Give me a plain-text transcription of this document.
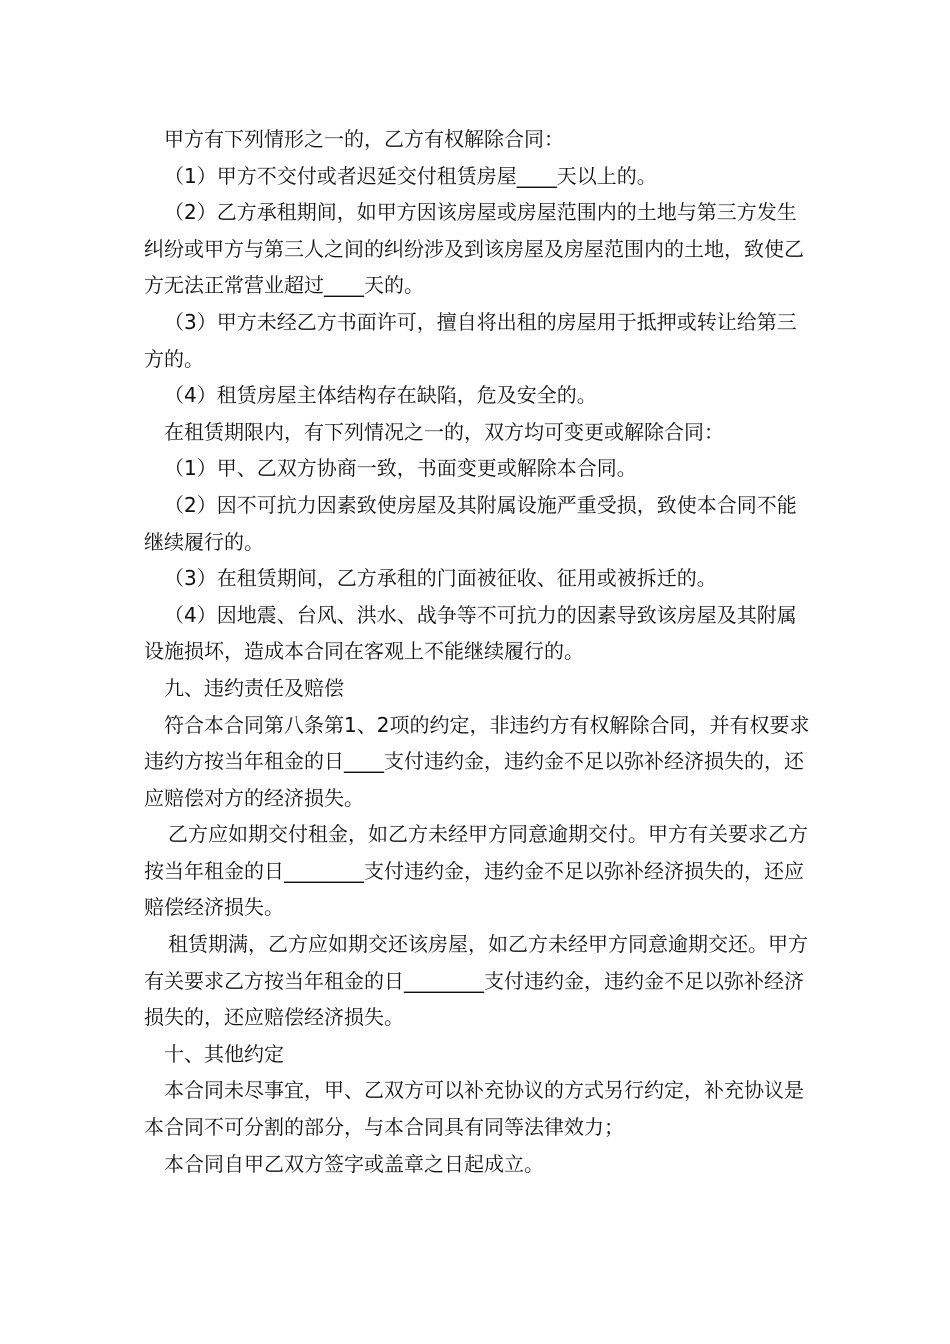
甲方有下列情形之一的，乙方有权解除合同：

（1）甲方不交付或者迟延交付租赁房屋____天以上的。

（2）乙方承租期间，如甲方因该房屋或房屋范围内的土地与第三方发生纠纷或甲方与第三人之间的纠纷涉及到该房屋及房屋范围内的土地，致使乙方无法正常营业超过____天的。

（3）甲方未经乙方书面许可，擅自将出租的房屋用于抵押或转让给第三方的。

（4）租赁房屋主体结构存在缺陷，危及安全的。

在租赁期限内，有下列情况之一的，双方均可变更或解除合同：

（1）甲、乙双方协商一致，书面变更或解除本合同。

（2）因不可抗力因素致使房屋及其附属设施严重受损，致使本合同不能继续履行的。

（3）在租赁期间，乙方承租的门面被征收、征用或被拆迁的。

（4）因地震、台风、洪水、战争等不可抗力的因素导致该房屋及其附属设施损坏，造成本合同在客观上不能继续履行的。

九、违约责任及赔偿

符合本合同第八条第1、2项的约定，非违约方有权解除合同，并有权要求违约方按当年租金的日____支付违约金，违约金不足以弥补经济损失的，还应赔偿对方的经济损失。

乙方应如期交付租金，如乙方未经甲方同意逾期交付。甲方有关要求乙方按当年租金的日________支付违约金，违约金不足以弥补经济损失的，还应赔偿经济损失。

租赁期满，乙方应如期交还该房屋，如乙方未经甲方同意逾期交还。甲方有关要求乙方按当年租金的日________支付违约金，违约金不足以弥补经济损失的，还应赔偿经济损失。

十、其他约定

本合同未尽事宜，甲、乙双方可以补充协议的方式另行约定，补充协议是本合同不可分割的部分，与本合同具有同等法律效力；

本合同自甲乙双方签字或盖章之日起成立。
